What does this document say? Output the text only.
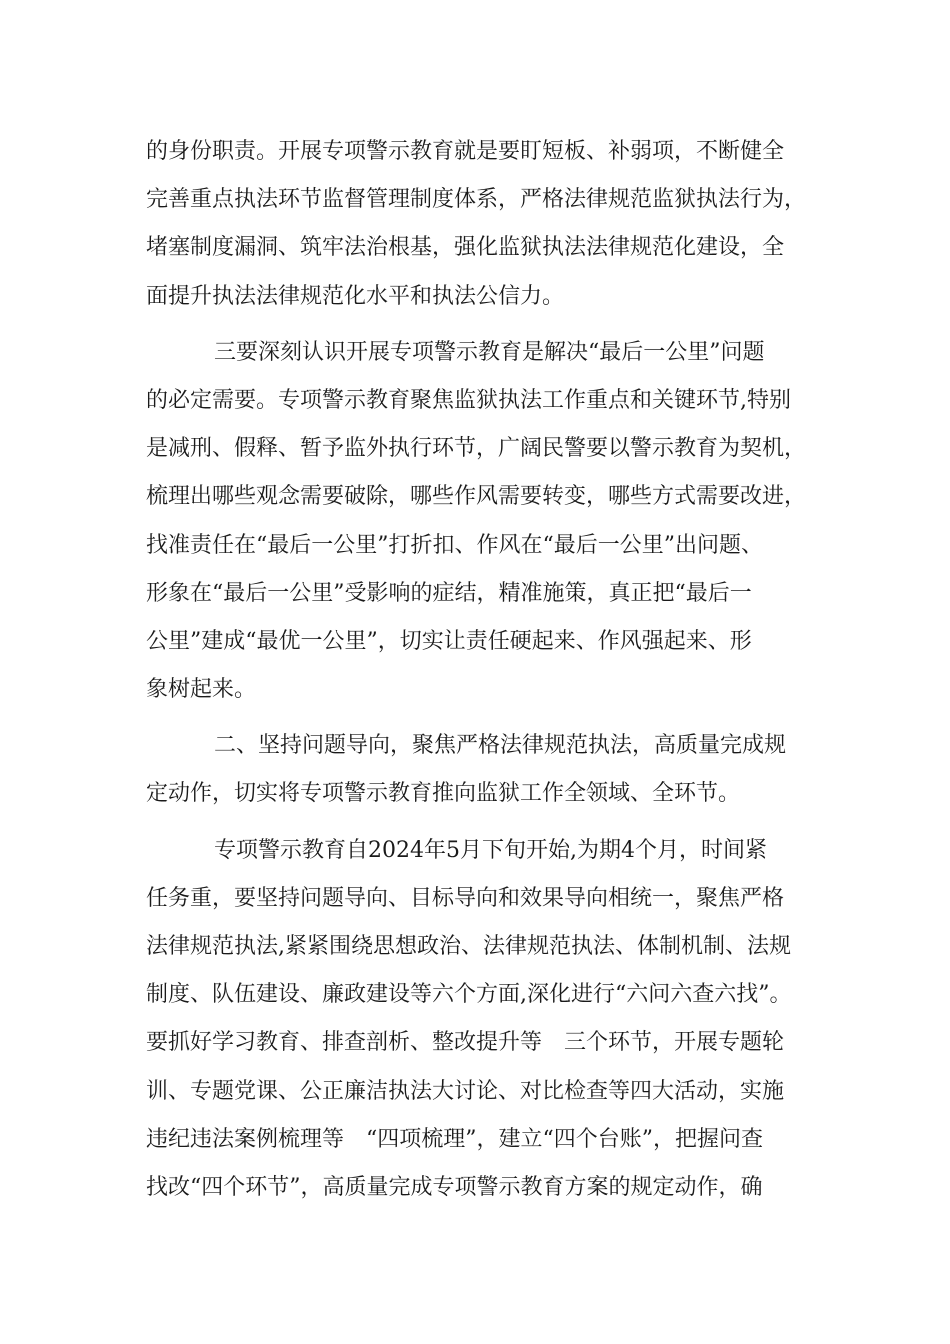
的身份职责。开展专项警示教育就是要盯短板、补弱项，不断健全
完善重点执法环节监督管理制度体系，严格法律规范监狱执法行为，
堵塞制度漏洞、筑牢法治根基，强化监狱执法法律规范化建设，全
面提升执法法律规范化水平和执法公信力。
三要深刻认识开展专项警示教育是解决“最后一公里”问题
的必定需要。专项警示教育聚焦监狱执法工作重点和关键环节,特别
是减刑、假释、暂予监外执行环节，广阔民警要以警示教育为契机，
梳理出哪些观念需要破除，哪些作风需要转变，哪些方式需要改进，
找准责任在“最后一公里”打折扣、作风在“最后一公里”出问题、
形象在“最后一公里”受影响的症结，精准施策，真正把“最后一
公里”建成“最优一公里”，切实让责任硬起来、作风强起来、形
象树起来。
二、坚持问题导向，聚焦严格法律规范执法，高质量完成规
定动作，切实将专项警示教育推向监狱工作全领域、全环节。
专项警示教育自2024年5月下旬开始,为期4个月，时间紧
任务重，要坚持问题导向、目标导向和效果导向相统一，聚焦严格
法律规范执法,紧紧围绕思想政治、法律规范执法、体制机制、法规
制度、队伍建设、廉政建设等六个方面,深化进行“六问六查六找”。
要抓好学习教育、排查剖析、整改提升等　三个环节，开展专题轮
训、专题党课、公正廉洁执法大讨论、对比检查等四大活动，实施
违纪违法案例梳理等　“四项梳理”，建立“四个台账”，把握问查
找改“四个环节”，高质量完成专项警示教育方案的规定动作，确
